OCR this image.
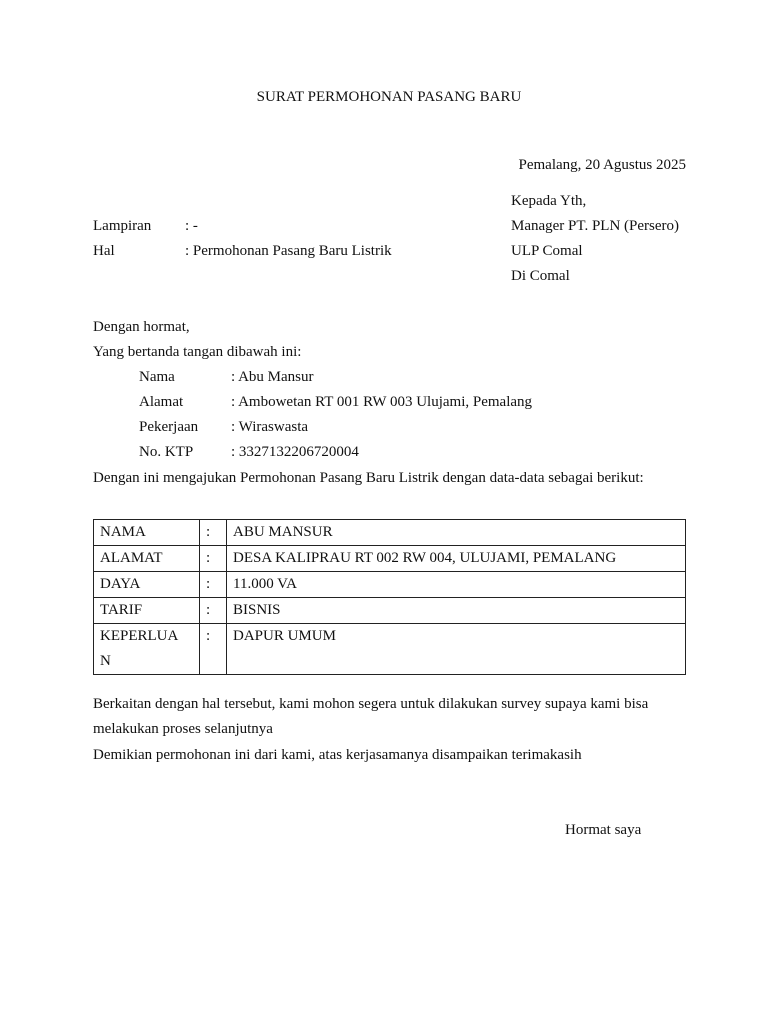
SURAT PERMOHONAN PASANG BARU
Pemalang, 20 Agustus 2025
Kepada Yth,
Manager PT. PLN (Persero)
ULP Comal
Di Comal
Lampiran : -
Hal	: Permohonan Pasang Baru Listrik
Dengan hormat,
Yang bertanda tangan dibawah ini:
Nama	: Abu Mansur
Alamat	: Ambowetan RT 001 RW 003 Ulujami, Pemalang
Pekerjaan : Wiraswasta
No. KTP	: 3327132206720004
Dengan ini mengajukan Permohonan Pasang Baru Listrik dengan data-data sebagai berikut:
NAMA	:	ABU MANSUR
ALAMAT	:	DESA KALIPRAU RT 002 RW 004, ULUJAMI, PEMALANG
DAYA	:	11.000 VA
TARIF	:	BISNIS

KEPERLUAN	:	DAPUR UMUM
Berkaitan dengan hal tersebut, kami mohon segera untuk dilakukan survey supaya kami bisa
melakukan proses selanjutnya
Demikian permohonan ini dari kami, atas kerjasamanya disampaikan terimakasih
Hormat saya
